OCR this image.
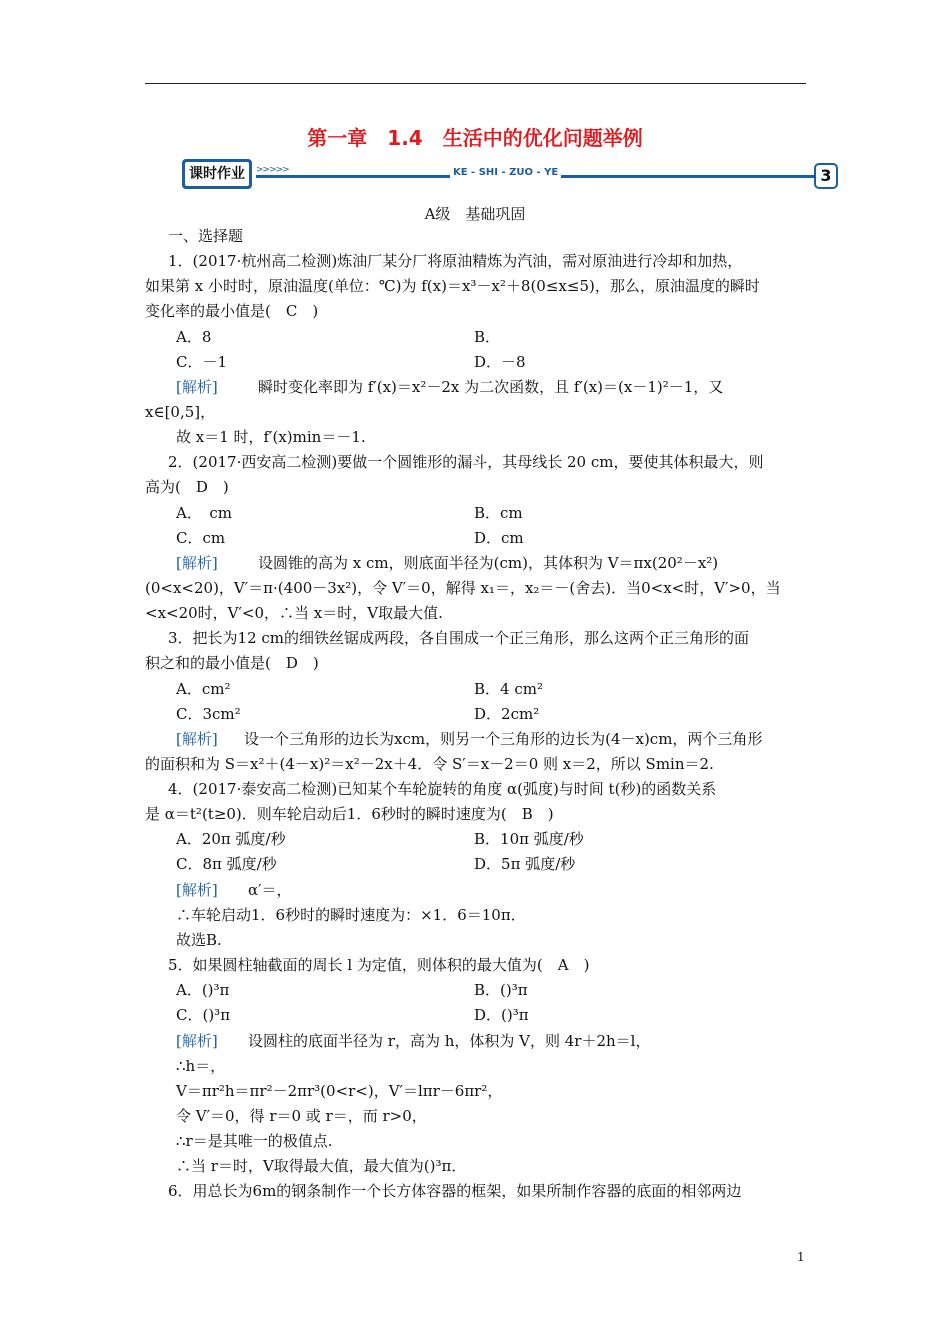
第一章　1.4　生活中的优化问题举例
课时作业	>>>>>	KE - SHI - ZUO - YE	3
A级　基础巩固
一、选择题
1．(2017·杭州高二检测)炼油厂某分厂将原油精炼为汽油，需对原油进行冷却和加热，
如果第 x 小时时，原油温度(单位：℃)为 f(x)＝x³－x²＋8(0≤x≤5)，那么，原油温度的瞬时
变化率的最小值是(　C　)
A．8	B．
C．－1	D．－8
[解析]	瞬时变化率即为 f′(x)＝x²－2x 为二次函数，且 f′(x)＝(x－1)²－1，又
x∈[0,5]，
故 x＝1 时，f′(x)min＝－1.
2．(2017·西安高二检测)要做一个圆锥形的漏斗，其母线长 20 cm，要使其体积最大，则
高为(　D　)
A．　cm	B．cm
C．cm	D．cm
[解析]	设圆锥的高为 x cm，则底面半径为(cm)，其体积为 V＝πx(20²－x²)
(0<x<20)，V′＝π·(400－3x²)，令 V′＝0，解得 x₁＝，x₂＝－(舍去)．当0<x<时，V′>0，当
<x<20时，V′<0，∴当 x＝时，V取最大值.
3．把长为12 cm的细铁丝锯成两段，各自围成一个正三角形，那么这两个正三角形的面
积之和的最小值是(　D　)
A．cm²	B．4 cm²
C．3cm²	D．2cm²
[解析] 设一个三角形的边长为xcm，则另一个三角形的边长为(4－x)cm，两个三角形
的面积和为 S＝x²＋(4－x)²＝x²－2x＋4．令 S′＝x－2＝0 则 x＝2，所以 Smin＝2.
4．(2017·泰安高二检测)已知某个车轮旋转的角度 α(弧度)与时间 t(秒)的函数关系
是 α＝t²(t≥0)．则车轮启动后1．6秒时的瞬时速度为(　B　)
A．20π 弧度/秒	B．10π 弧度/秒
C．8π 弧度/秒	D．5π 弧度/秒
[解析] α′＝，
∴车轮启动1．6秒时的瞬时速度为：×1．6＝10π．
故选B.
5．如果圆柱轴截面的周长 l 为定值，则体积的最大值为(　A　)
A．()³π	B．()³π
C．()³π	D．()³π
[解析] 设圆柱的底面半径为 r，高为 h，体积为 V，则 4r＋2h＝l，
∴h＝，
V＝πr²h＝πr²－2πr³(0<r<)，V′＝lπr－6πr²，
令 V′＝0，得 r＝0 或 r＝，而 r>0，
∴r＝是其唯一的极值点.
∴当 r＝时，V取得最大值，最大值为()³π．
6．用总长为6m的钢条制作一个长方体容器的框架，如果所制作容器的底面的相邻两边
1
